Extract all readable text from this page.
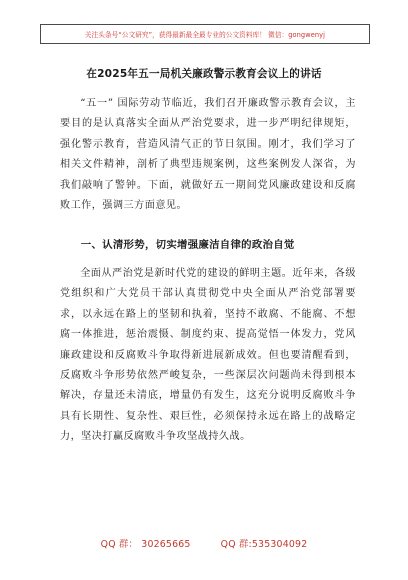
关注头条号“公文研究”，获得最新最全最专业的公文资料库！ 微信：gongwenyj
在2025年五一局机关廉政警示教育会议上的讲话

“五一” 国际劳动节临近，我们召开廉政警示教育会议，主要目的是认真落实全面从严治党要求，进一步严明纪律规矩，强化警示教育，营造风清气正的节日氛围。刚才，我们学习了相关文件精神，剖析了典型违规案例，这些案例发人深省，为我们敲响了警钟。下面，就做好五一期间党风廉政建设和反腐败工作，强调三方面意见。

一、认清形势，切实增强廉洁自律的政治自觉

全面从严治党是新时代党的建设的鲜明主题。近年来，各级党组织和广大党员干部认真贯彻党中央全面从严治党部署要求，以永远在路上的坚韧和执着，坚持不敢腐、不能腐、不想腐一体推进，惩治震慑、制度约束、提高觉悟一体发力，党风廉政建设和反腐败斗争取得新进展新成效。但也要清醒看到，反腐败斗争形势依然严峻复杂，一些深层次问题尚未得到根本解决，存量还未清底，增量仍有发生，这充分说明反腐败斗争具有长期性、复杂性、艰巨性，必须保持永远在路上的战略定力，坚决打赢反腐败斗争攻坚战持久战。

QQ 群： 30265665	QQ 群:535304092
